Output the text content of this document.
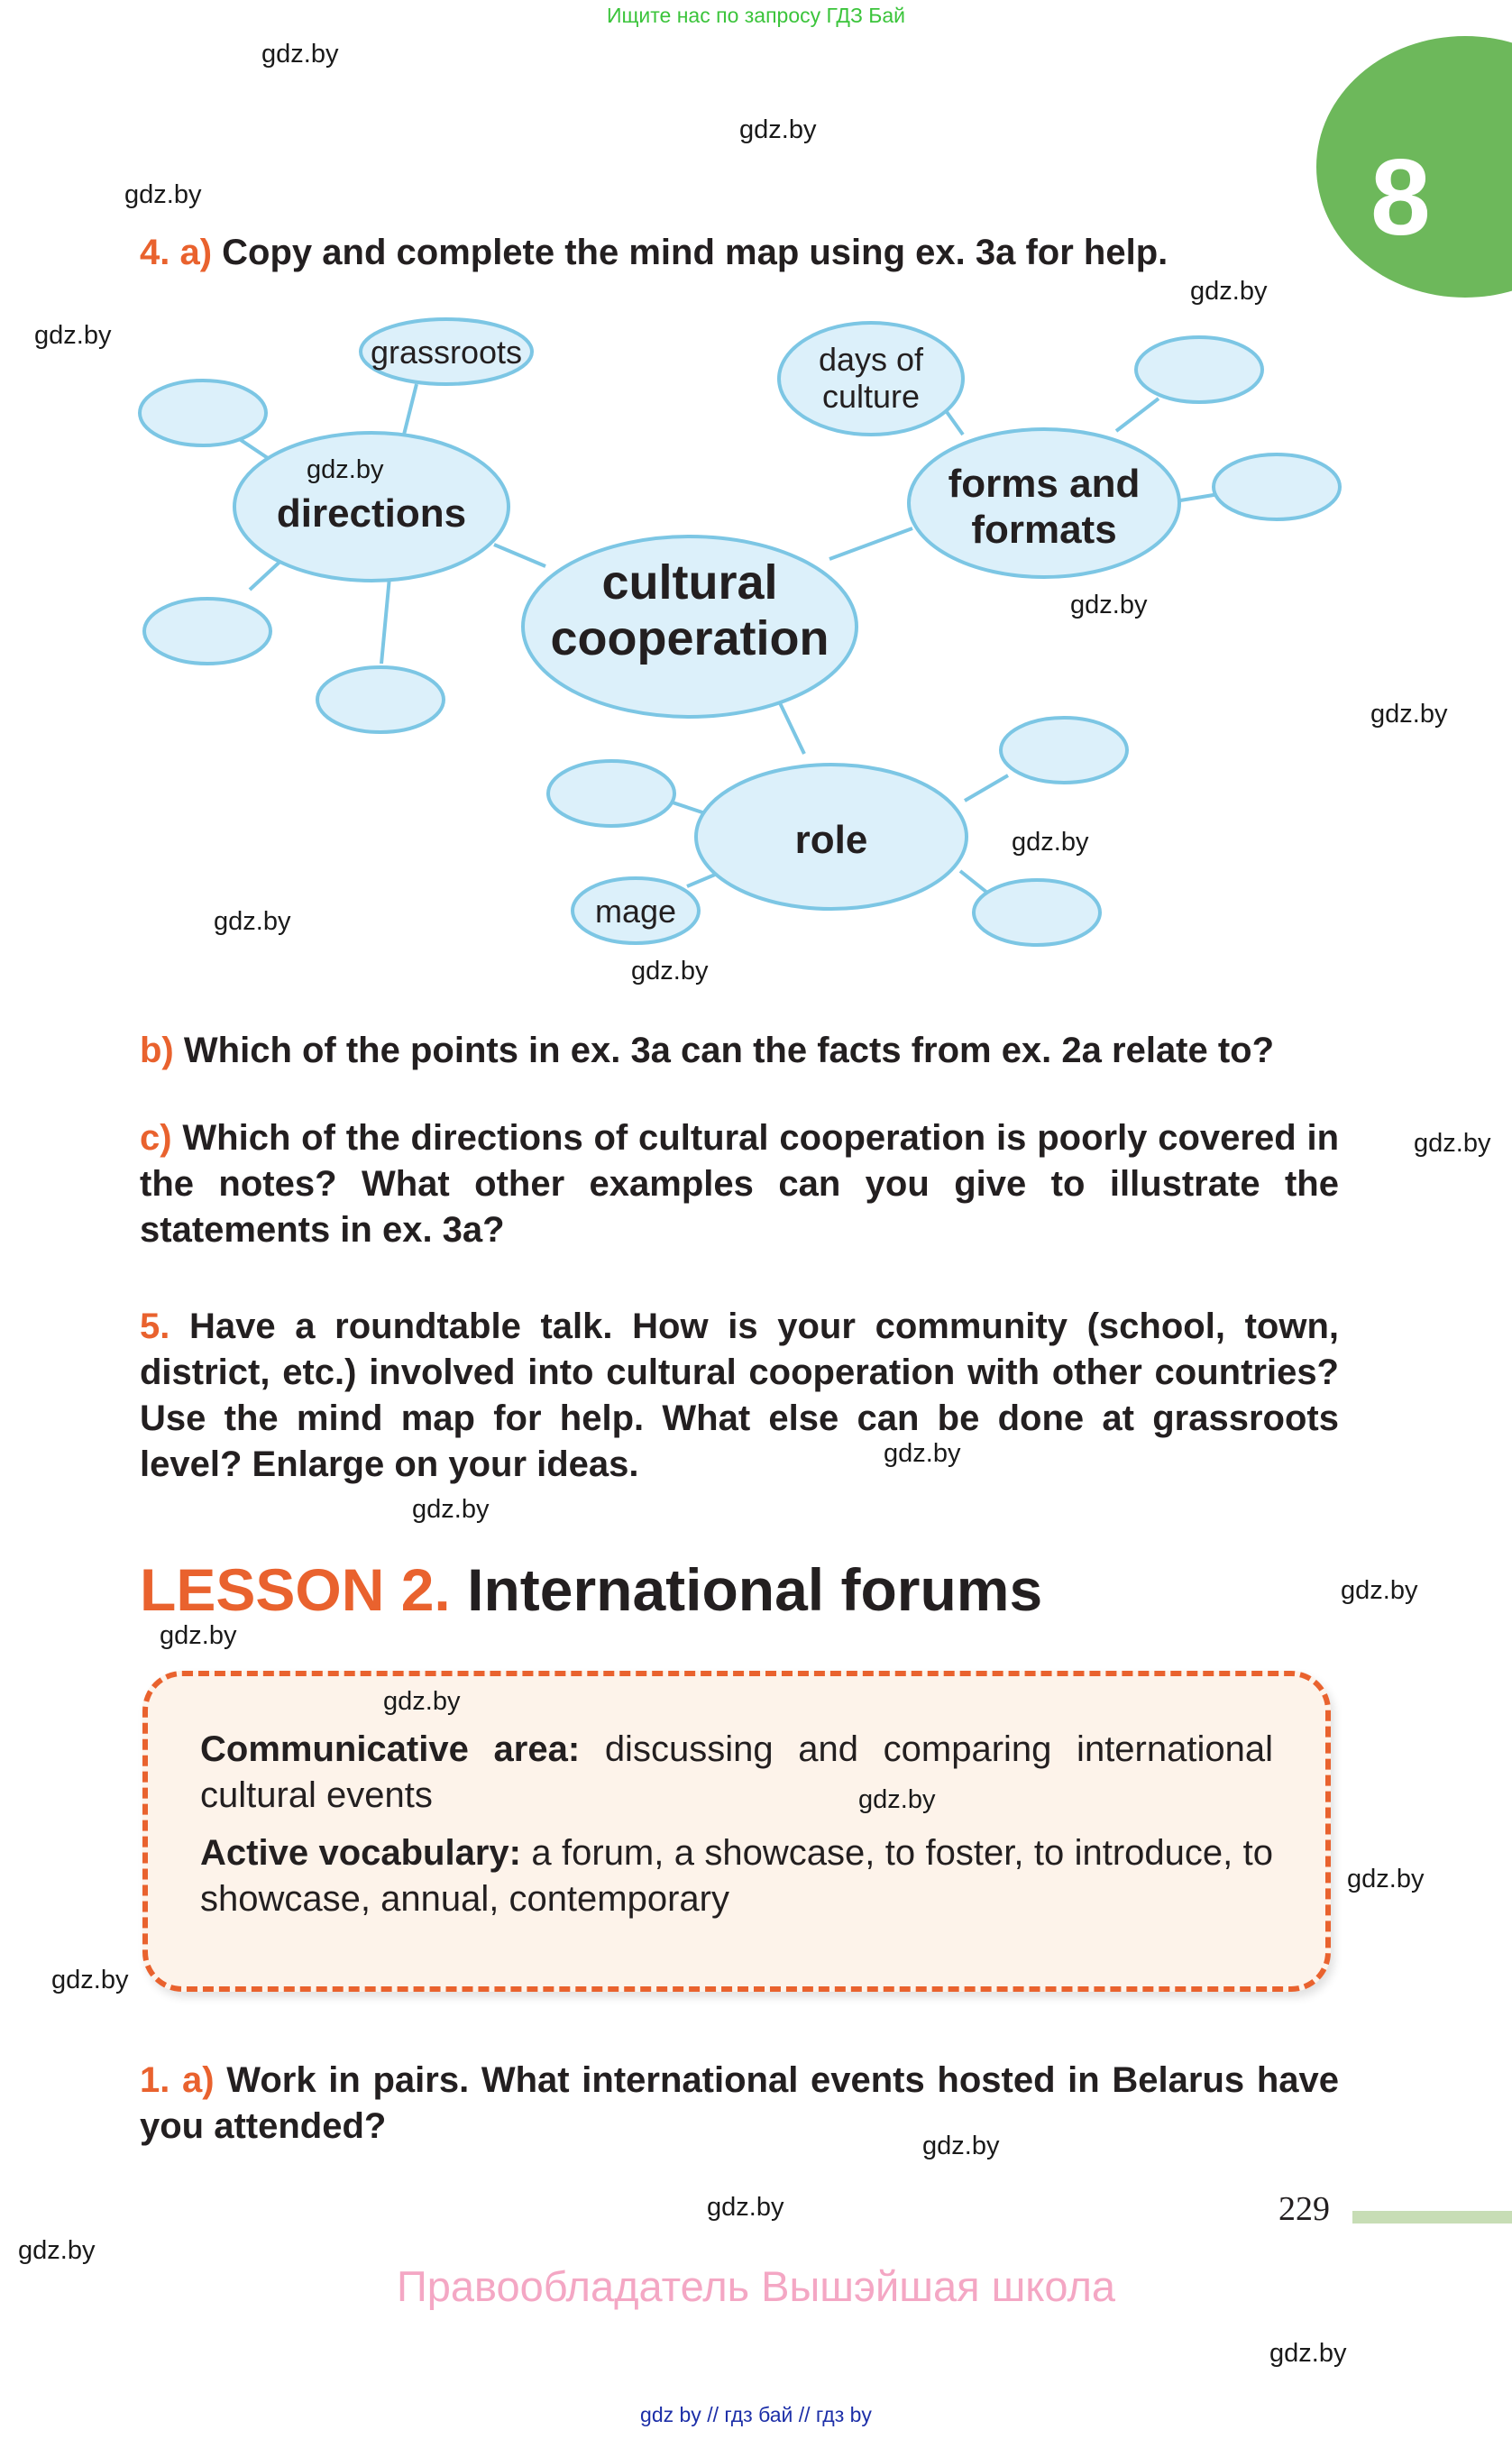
Ищите нас по запросу ГДЗ Бай
8
gdz.by
gdz.by
gdz.by
gdz.by
gdz.by
gdz.by
gdz.by
gdz.by
gdz.by
gdz.by
gdz.by
gdz.by
gdz.by
gdz.by
gdz.by
gdz.by
gdz.by
gdz.by
4. a) Copy and complete the mind map using ex. 3a for help.
cultural
cooperation
directions
forms and
formats
role
grassroots	days of
culture
mage
gdz.by
gdz.by
gdz.by
gdz.by
b) Which of the points in ex. 3a can the facts from ex. 2a relate to?
c) Which of the directions of cultural cooperation is poorly covered in the notes? What other examples can you give to illustrate the statements in ex. 3a?
5. Have a roundtable talk. How is your community (school, town, district, etc.) involved into cultural cooperation with other countries? Use the mind map for help. What else can be done at grassroots level? Enlarge on your ideas.
LESSON 2. International forums
gdz.by
Communicative area: discussing and comparing international cultural events	gdz.by
Active vocabulary: a forum, a showcase, to foster, to introduce, to showcase, annual, contemporary
1. a) Work in pairs. What international events hosted in Belarus have you attended?
229
Правообладатель Вышэйшая школа
gdz by // гдз бай // гдз by
